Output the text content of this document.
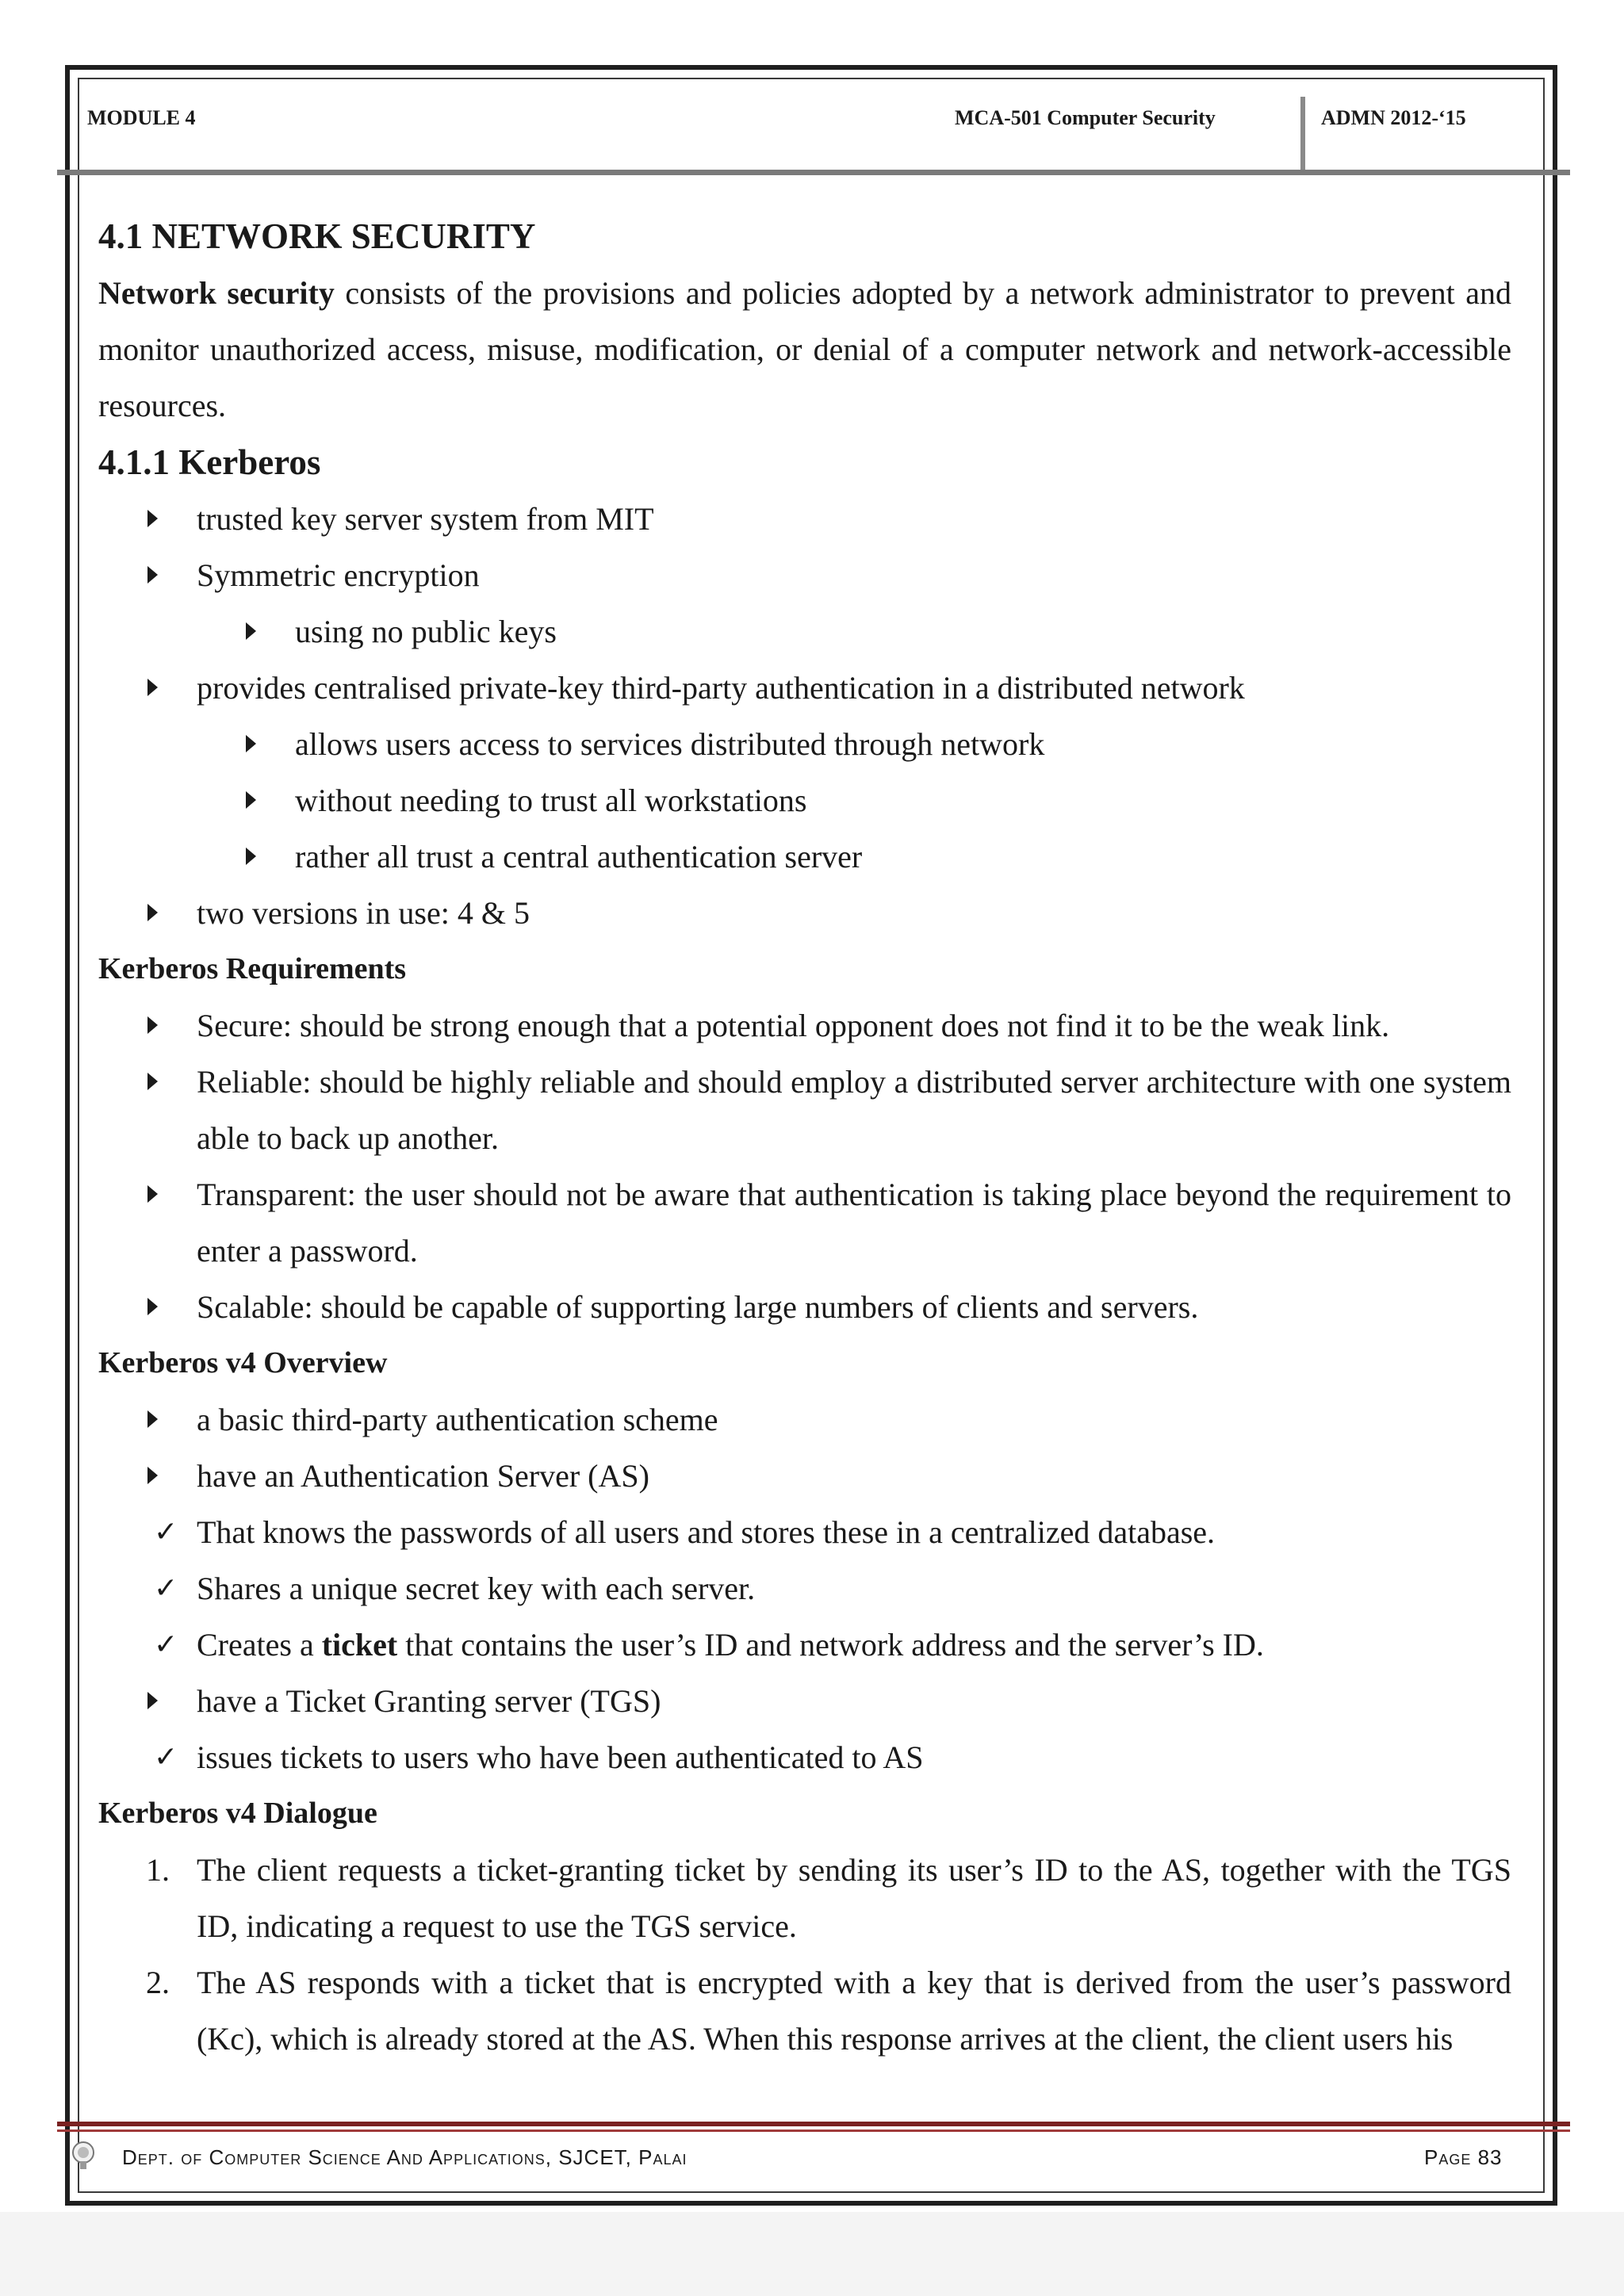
MODULE 4	MCA-501 Computer Security	ADMN 2012-‘15

4.1 NETWORK SECURITY

Network security consists of the provisions and policies adopted by a network administrator to prevent and monitor unauthorized access, misuse, modification, or denial of a computer network and network-accessible resources.

4.1.1 Kerberos

trusted key server system from MIT

Symmetric encryption

using no public keys

provides centralised private-key third-party authentication in a distributed network

allows users access to services distributed through network

without needing to trust all workstations

rather all trust a central authentication server

two versions in use: 4 & 5

Kerberos Requirements

Secure: should be strong enough that a potential opponent does not find it to be the weak link.

Reliable: should be highly reliable and should employ a distributed server architecture with one system able to back up another.

Transparent: the user should not be aware that authentication is taking place beyond the requirement to enter a password.

Scalable: should be capable of supporting large numbers of clients and servers.

Kerberos v4 Overview

a basic third-party authentication scheme

have an Authentication Server (AS)

✓ That knows the passwords of all users and stores these in a centralized database.

✓ Shares a unique secret key with each server.

✓ Creates a ticket that contains the user’s ID and network address and the server’s ID.

have a Ticket Granting server (TGS)

✓ issues tickets to users who have been authenticated to AS

Kerberos v4 Dialogue

1. The client requests a ticket-granting ticket by sending its user’s ID to the AS, together with the TGS ID, indicating a request to use the TGS service.

2. The AS responds with a ticket that is encrypted with a key that is derived from the user’s password (Kc), which is already stored at the AS. When this response arrives at the client, the client users his

Dept. of Computer Science And Applications, SJCET, Palai	Page 83
